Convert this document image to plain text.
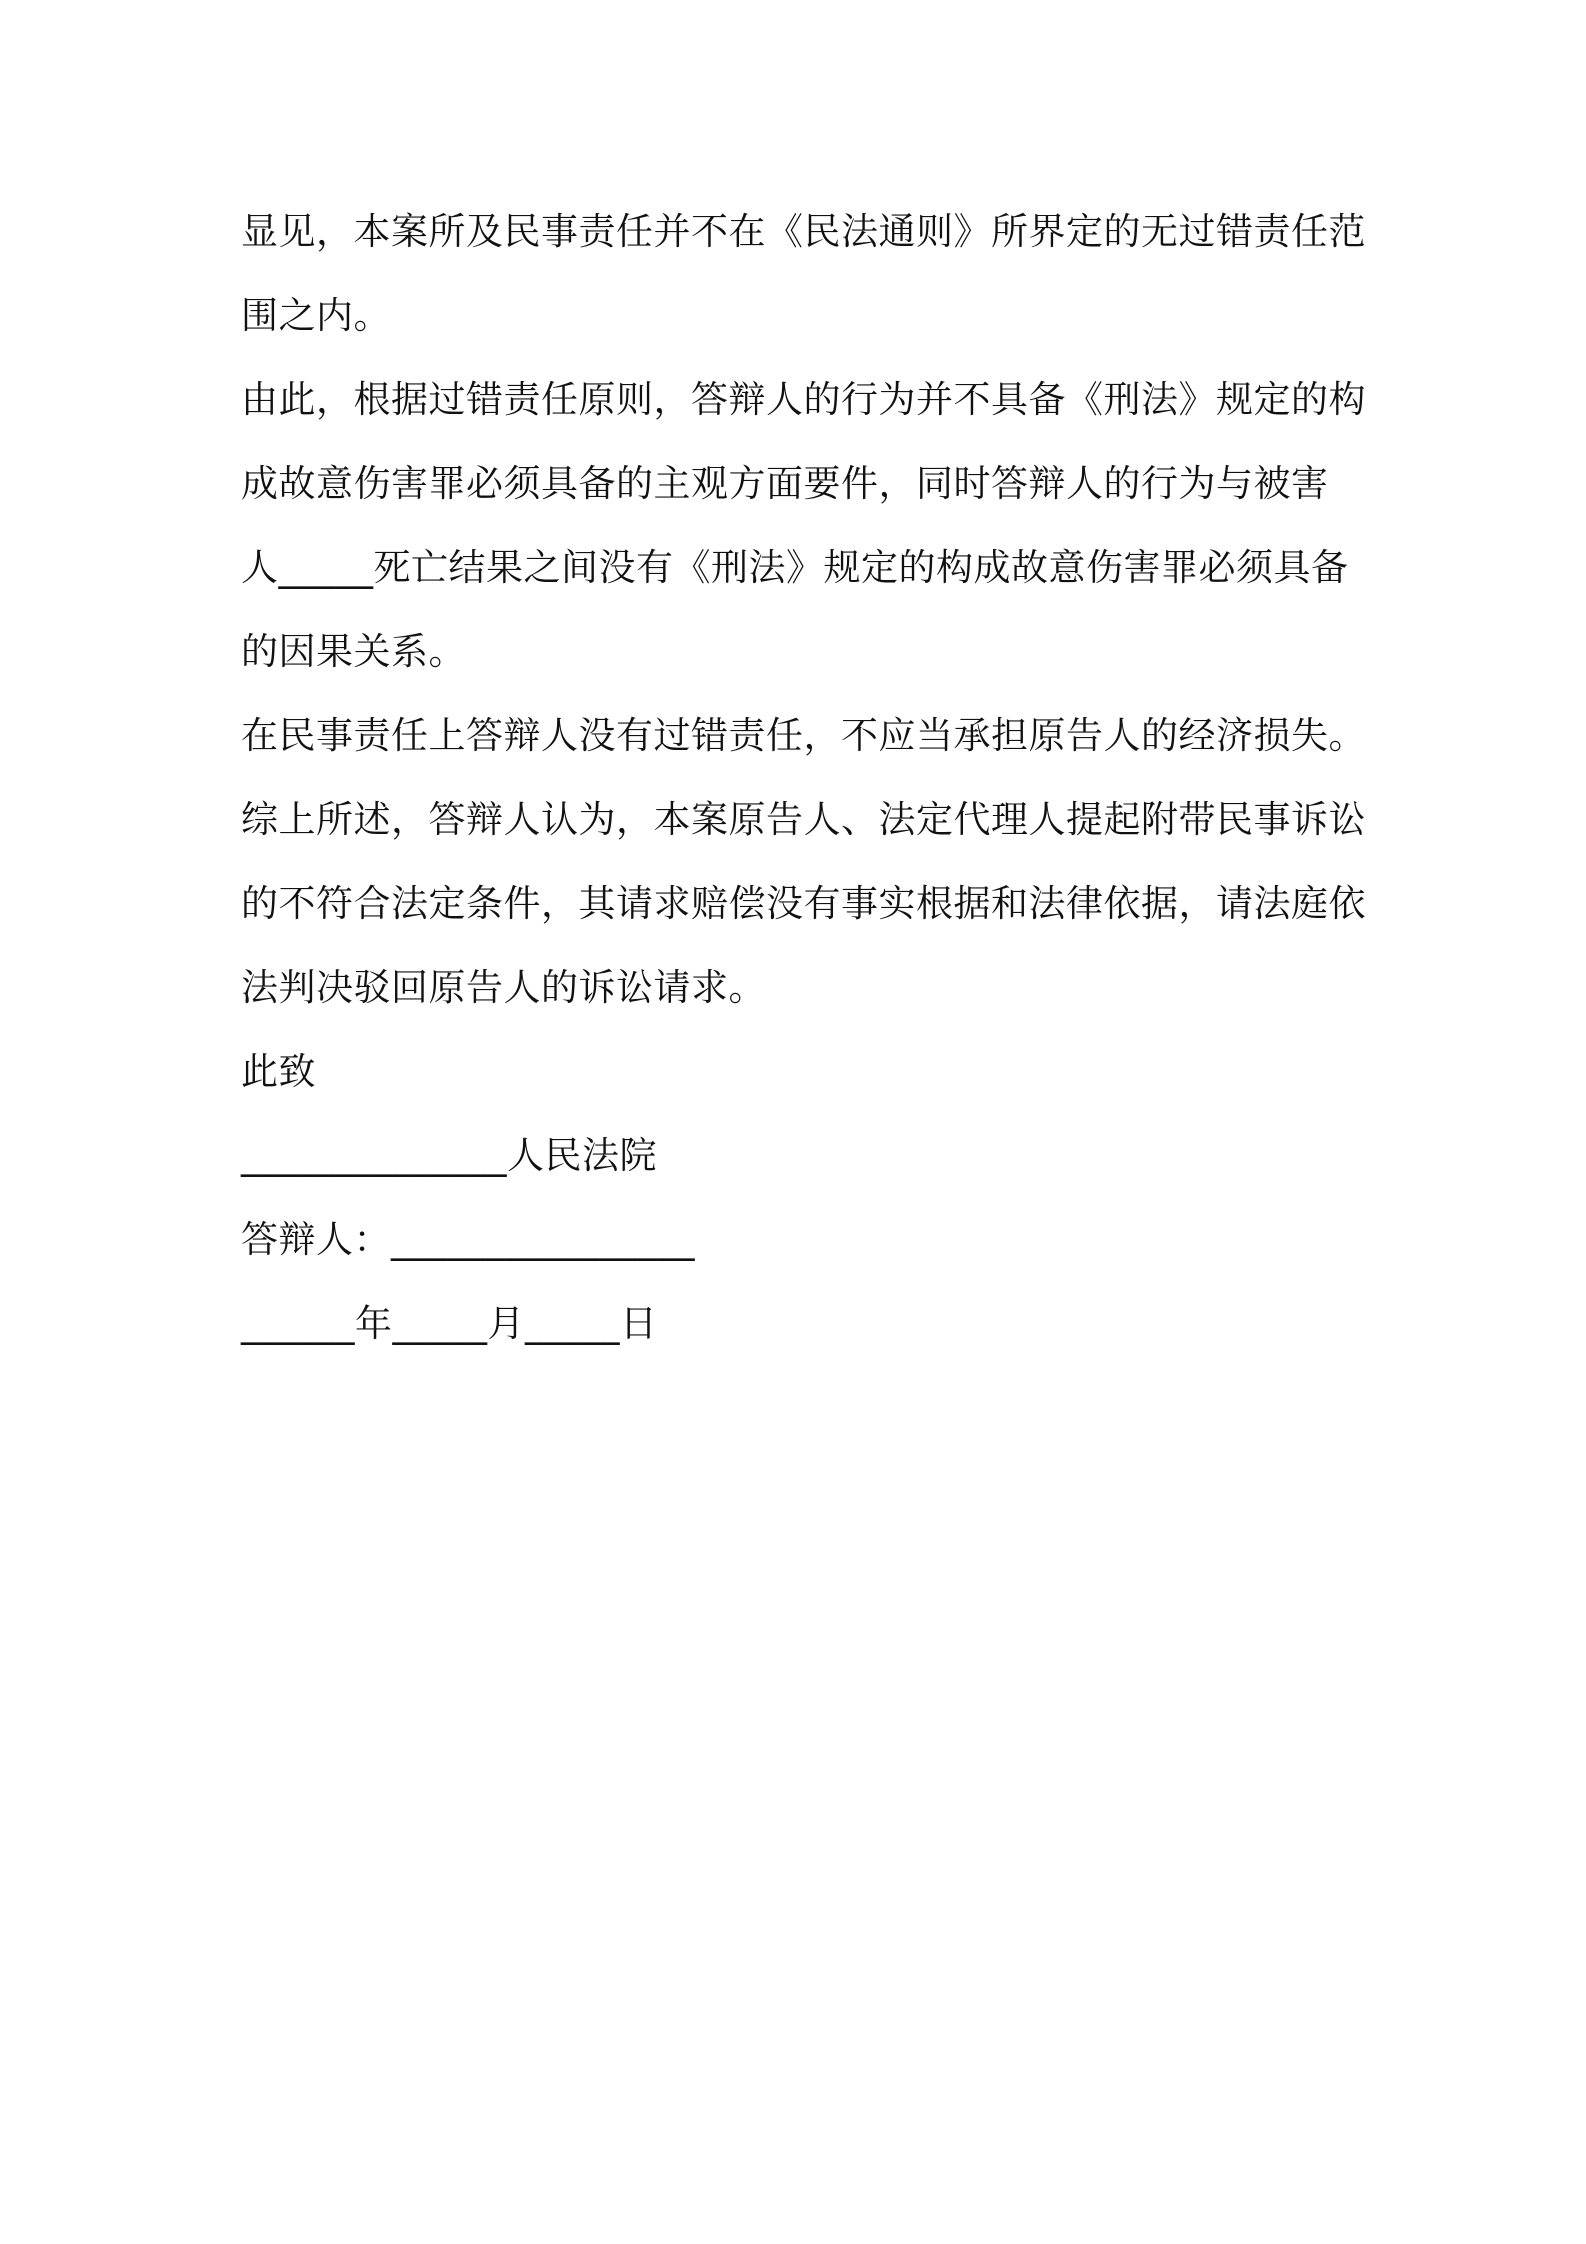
显见，本案所及民事责任并不在《民法通则》所界定的无过错责任范
围之内。
由此，根据过错责任原则，答辩人的行为并不具备《刑法》规定的构
成故意伤害罪必须具备的主观方面要件，同时答辩人的行为与被害
人_____死亡结果之间没有《刑法》规定的构成故意伤害罪必须具备
的因果关系。
在民事责任上答辩人没有过错责任，不应当承担原告人的经济损失。
综上所述，答辩人认为，本案原告人、法定代理人提起附带民事诉讼
的不符合法定条件，其请求赔偿没有事实根据和法律依据，请法庭依
法判决驳回原告人的诉讼请求。
此致
______________人民法院
答辩人：________________
______年_____月_____日
